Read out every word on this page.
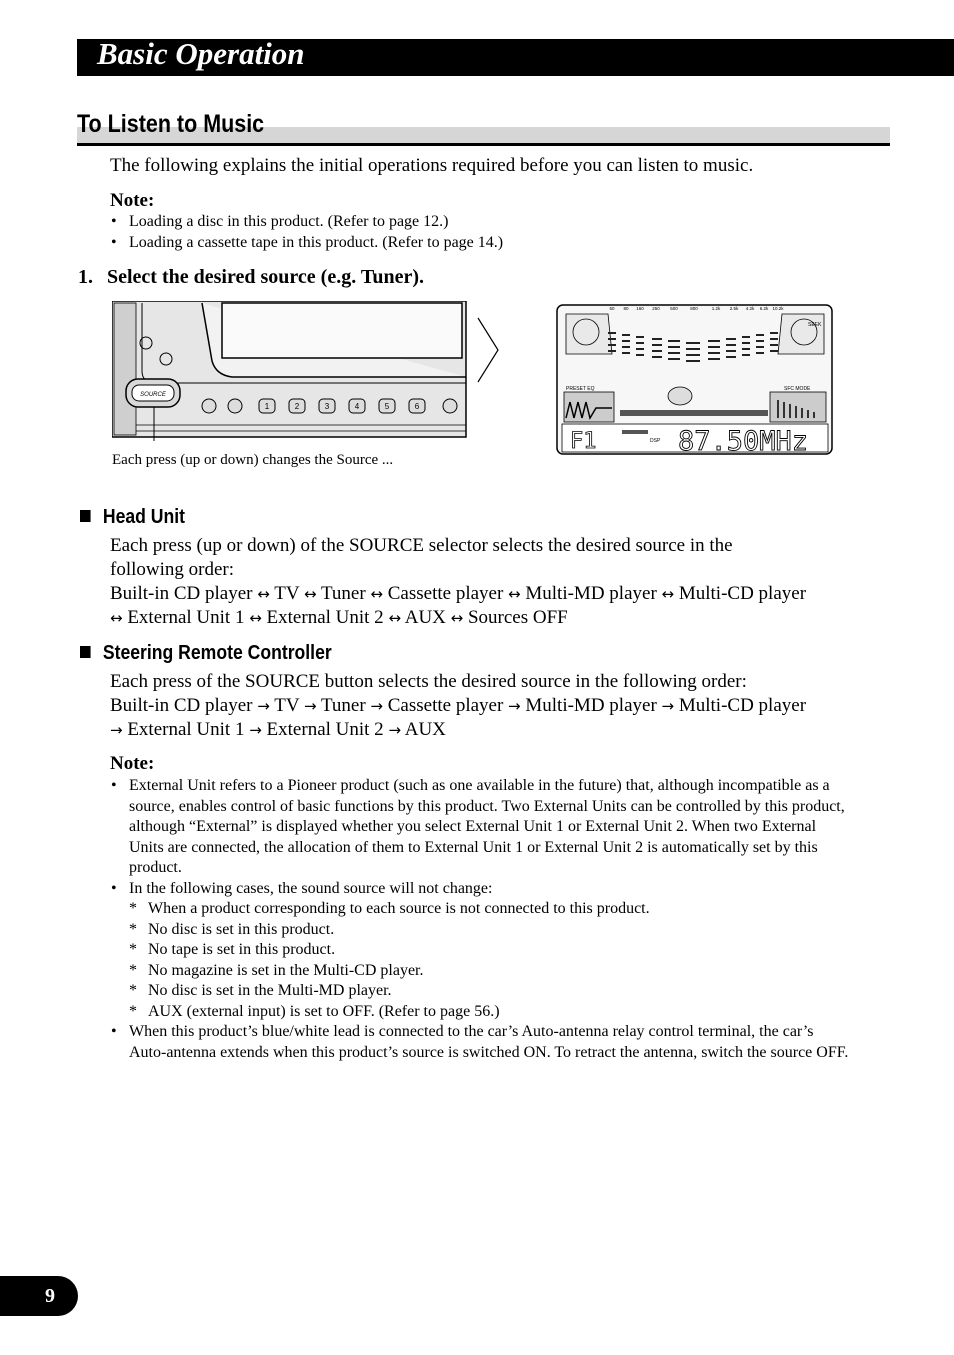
Basic Operation
To Listen to Music
The following explains the initial operations required before you can listen to music.
Note:
• Loading a disc in this product. (Refer to page 12.)
• Loading a cassette tape in this product. (Refer to page 14.)
1. Select the desired source (e.g. Tuner).
SOURCE
1	2	3	4	5	6
50 80 160 250 500	800	1.2k 2.5k 4.2k 6.2k 10.2k
SEEK
PRESET EQ	SFC MODE
F1	DSP 87.50MHz
Each press (up or down) changes the Source ...
Head Unit
Each press (up or down) of the SOURCE selector selects the desired source in the following order:
Built-in CD player ↔ TV ↔ Tuner ↔ Cassette player ↔ Multi-MD player ↔ Multi-CD player ↔ External Unit 1 ↔ External Unit 2 ↔ AUX ↔ Sources OFF
Steering Remote Controller
Each press of the SOURCE button selects the desired source in the following order:
Built-in CD player → TV → Tuner → Cassette player → Multi-MD player → Multi-CD player → External Unit 1 → External Unit 2 → AUX
Note:
• External Unit refers to a Pioneer product (such as one available in the future) that, although incompatible as a source, enables control of basic functions by this product. Two External Units can be controlled by this product, although “External” is displayed whether you select External Unit 1 or External Unit 2. When two External Units are connected, the allocation of them to External Unit 1 or External Unit 2 is automatically set by this product.
• In the following cases, the sound source will not change:
* When a product corresponding to each source is not connected to this product.
* No disc is set in this product.
* No tape is set in this product.
* No magazine is set in the Multi-CD player.
* No disc is set in the Multi-MD player.
* AUX (external input) is set to OFF. (Refer to page 56.)
• When this product’s blue/white lead is connected to the car’s Auto-antenna relay control terminal, the car’s Auto-antenna extends when this product’s source is switched ON. To retract the antenna, switch the source OFF.
9
